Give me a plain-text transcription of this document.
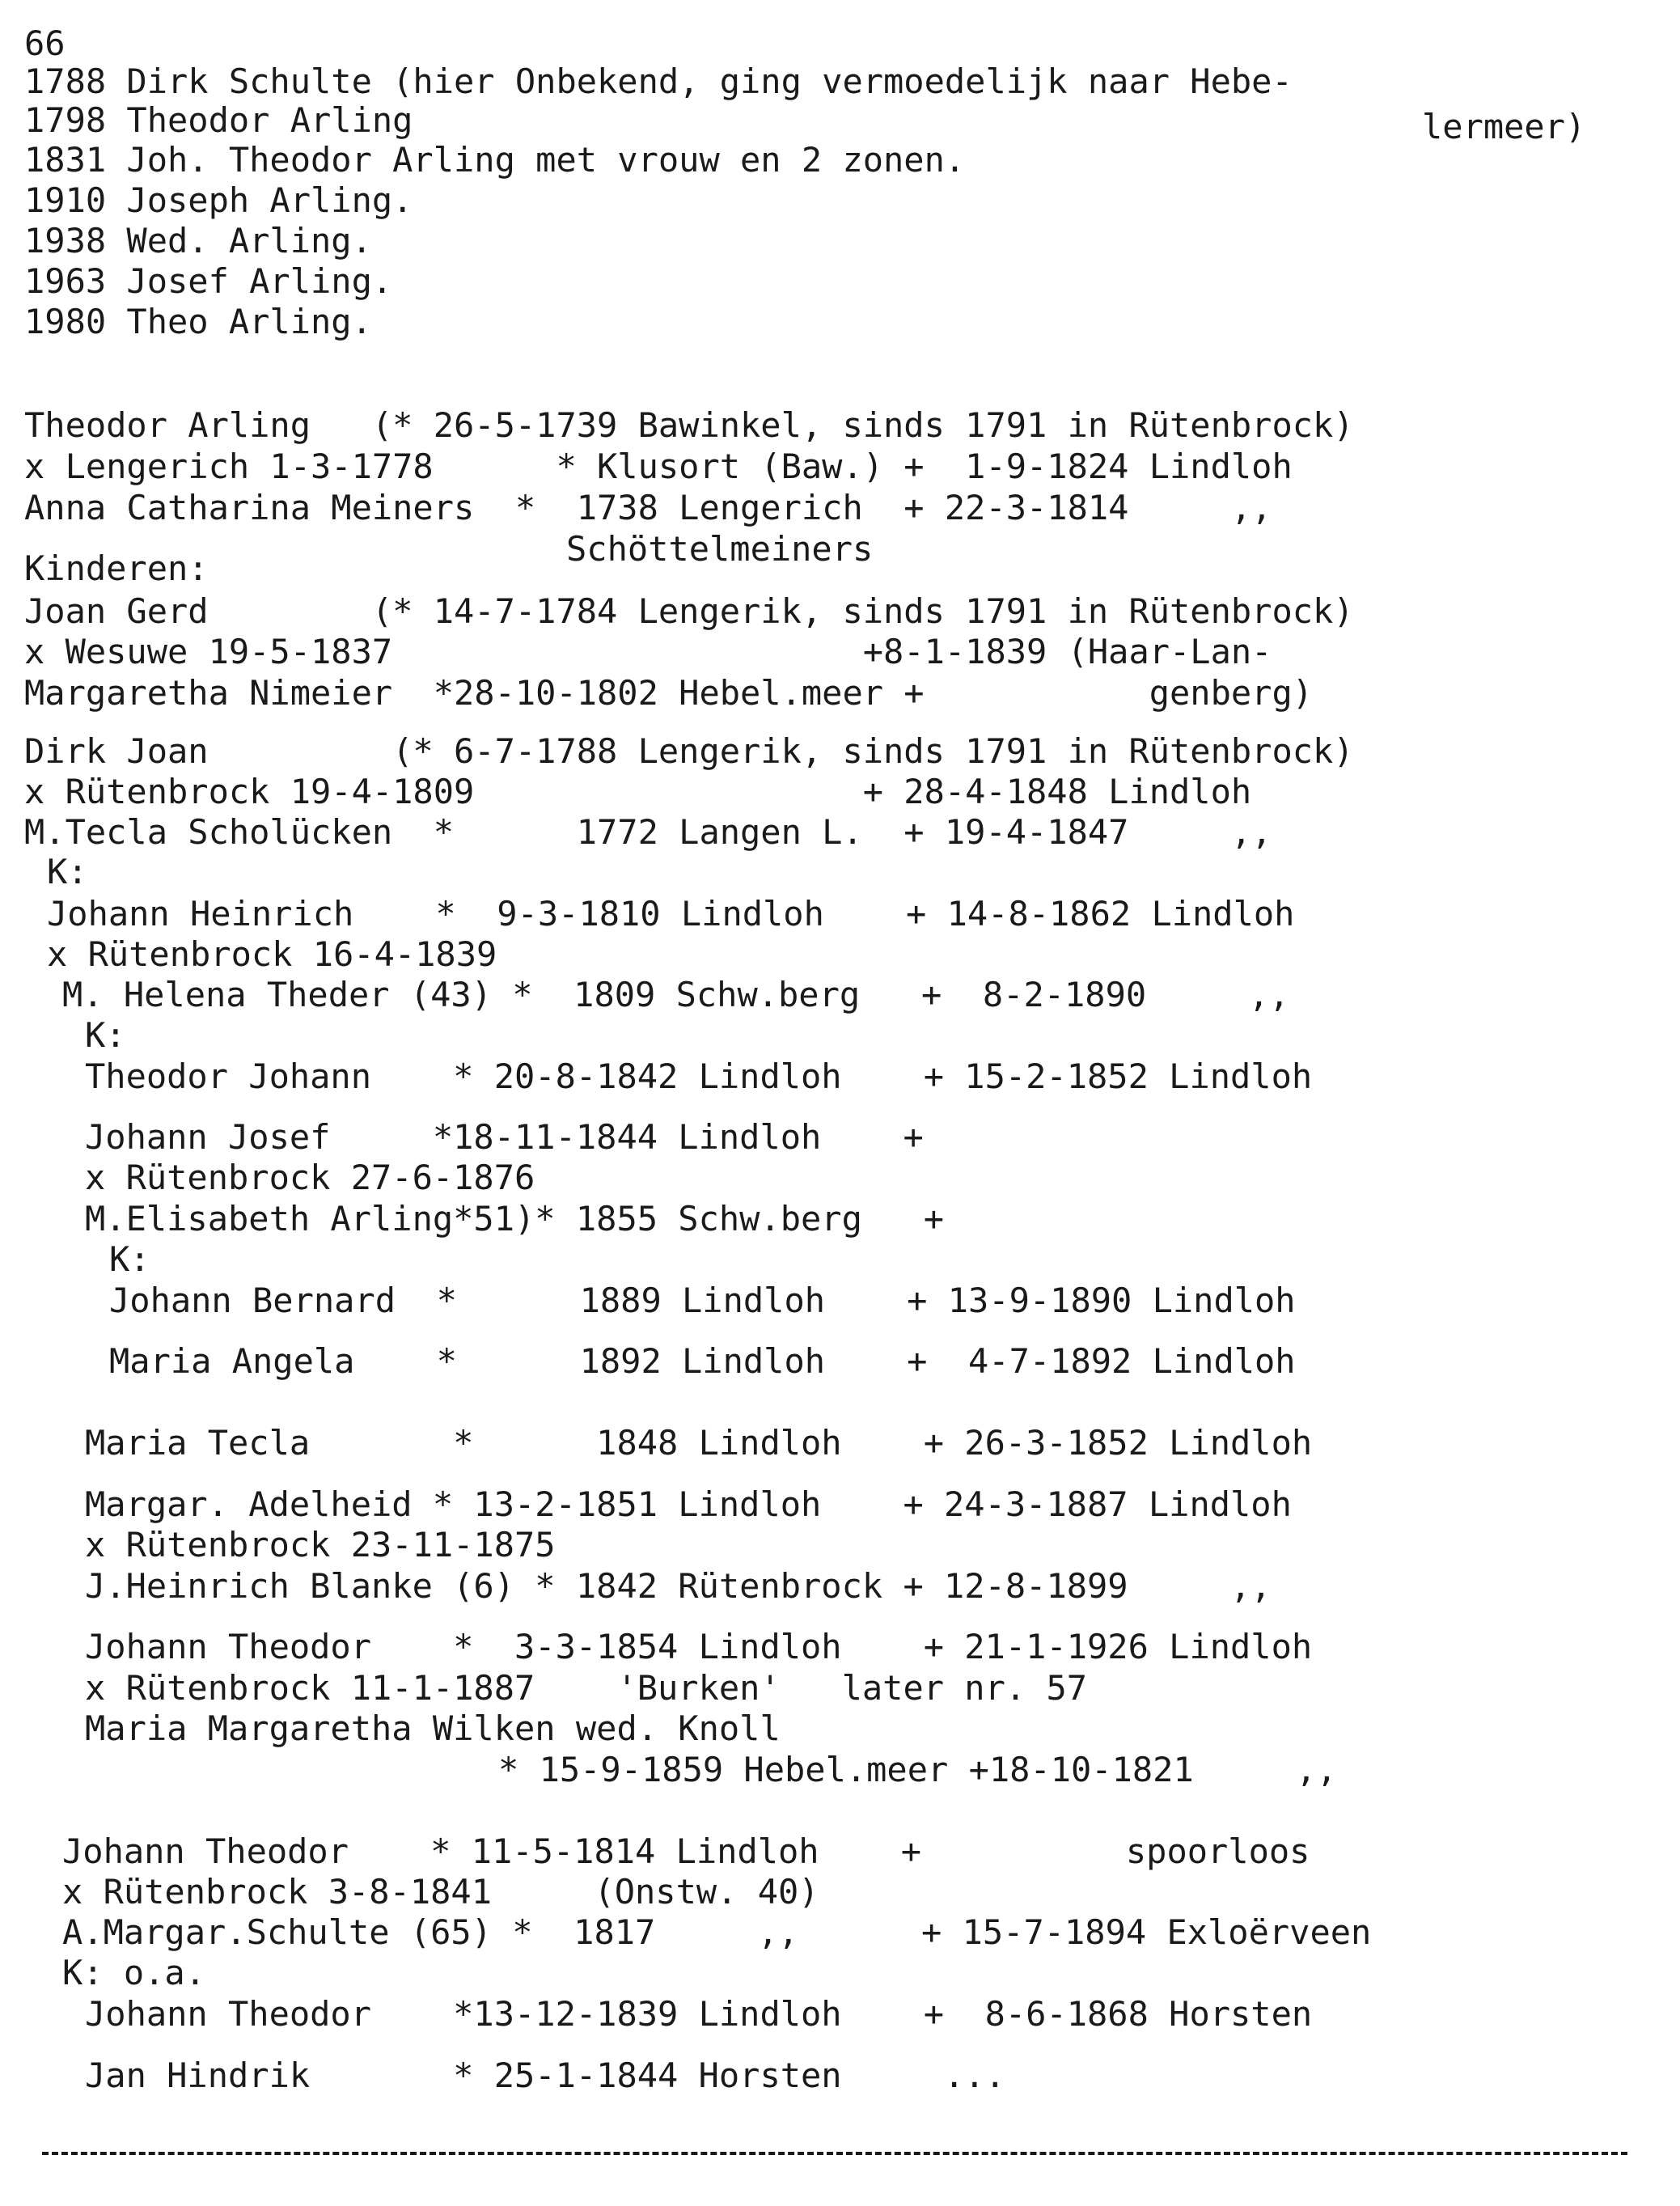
66
1788 Dirk Schulte (hier Onbekend, ging vermoedelijk naar Hebe-
1798 Theodor Arling	lermeer)
1831 Joh. Theodor Arling met vrouw en 2 zonen.
1910 Joseph Arling.
1938 Wed. Arling.
1963 Josef Arling.
1980 Theo Arling.
Theodor Arling   (* 26-5-1739 Bawinkel, sinds 1791 in Rütenbrock)
x Lengerich 1-3-1778      * Klusort (Baw.) +  1-9-1824 Lindloh
Anna Catharina Meiners  *  1738 Lengerich  + 22-3-1814     ,,
Schöttelmeiners
Kinderen:
Joan Gerd        (* 14-7-1784 Lengerik, sinds 1791 in Rütenbrock)
x Wesuwe 19-5-1837                       +8-1-1839 (Haar-Lan-
Margaretha Nimeier  *28-10-1802 Hebel.meer +           genberg)
Dirk Joan         (* 6-7-1788 Lengerik, sinds 1791 in Rütenbrock)
x Rütenbrock 19-4-1809                   + 28-4-1848 Lindloh
M.Tecla Scholücken  *      1772 Langen L.  + 19-4-1847     ,,
K:
Johann Heinrich    *  9-3-1810 Lindloh    + 14-8-1862 Lindloh
x Rütenbrock 16-4-1839
M. Helena Theder (43) *  1809 Schw.berg   +  8-2-1890     ,,
K:
Theodor Johann    * 20-8-1842 Lindloh    + 15-2-1852 Lindloh
Johann Josef     *18-11-1844 Lindloh    +
x Rütenbrock 27-6-1876
M.Elisabeth Arling*51)* 1855 Schw.berg   +
K:
Johann Bernard  *      1889 Lindloh    + 13-9-1890 Lindloh
Maria Angela    *      1892 Lindloh    +  4-7-1892 Lindloh
Maria Tecla       *      1848 Lindloh    + 26-3-1852 Lindloh
Margar. Adelheid * 13-2-1851 Lindloh    + 24-3-1887 Lindloh
x Rütenbrock 23-11-1875
J.Heinrich Blanke (6) * 1842 Rütenbrock + 12-8-1899     ,,
Johann Theodor    *  3-3-1854 Lindloh    + 21-1-1926 Lindloh
x Rütenbrock 11-1-1887    'Burken'   later nr. 57
Maria Margaretha Wilken wed. Knoll
* 15-9-1859 Hebel.meer +18-10-1821     ,,
Johann Theodor    * 11-5-1814 Lindloh    +          spoorloos
x Rütenbrock 3-8-1841     (Onstw. 40)
A.Margar.Schulte (65) *  1817     ,,      + 15-7-1894 Exloërveen
K: o.a.
Johann Theodor    *13-12-1839 Lindloh    +  8-6-1868 Horsten
Jan Hindrik       * 25-1-1844 Horsten     ...
